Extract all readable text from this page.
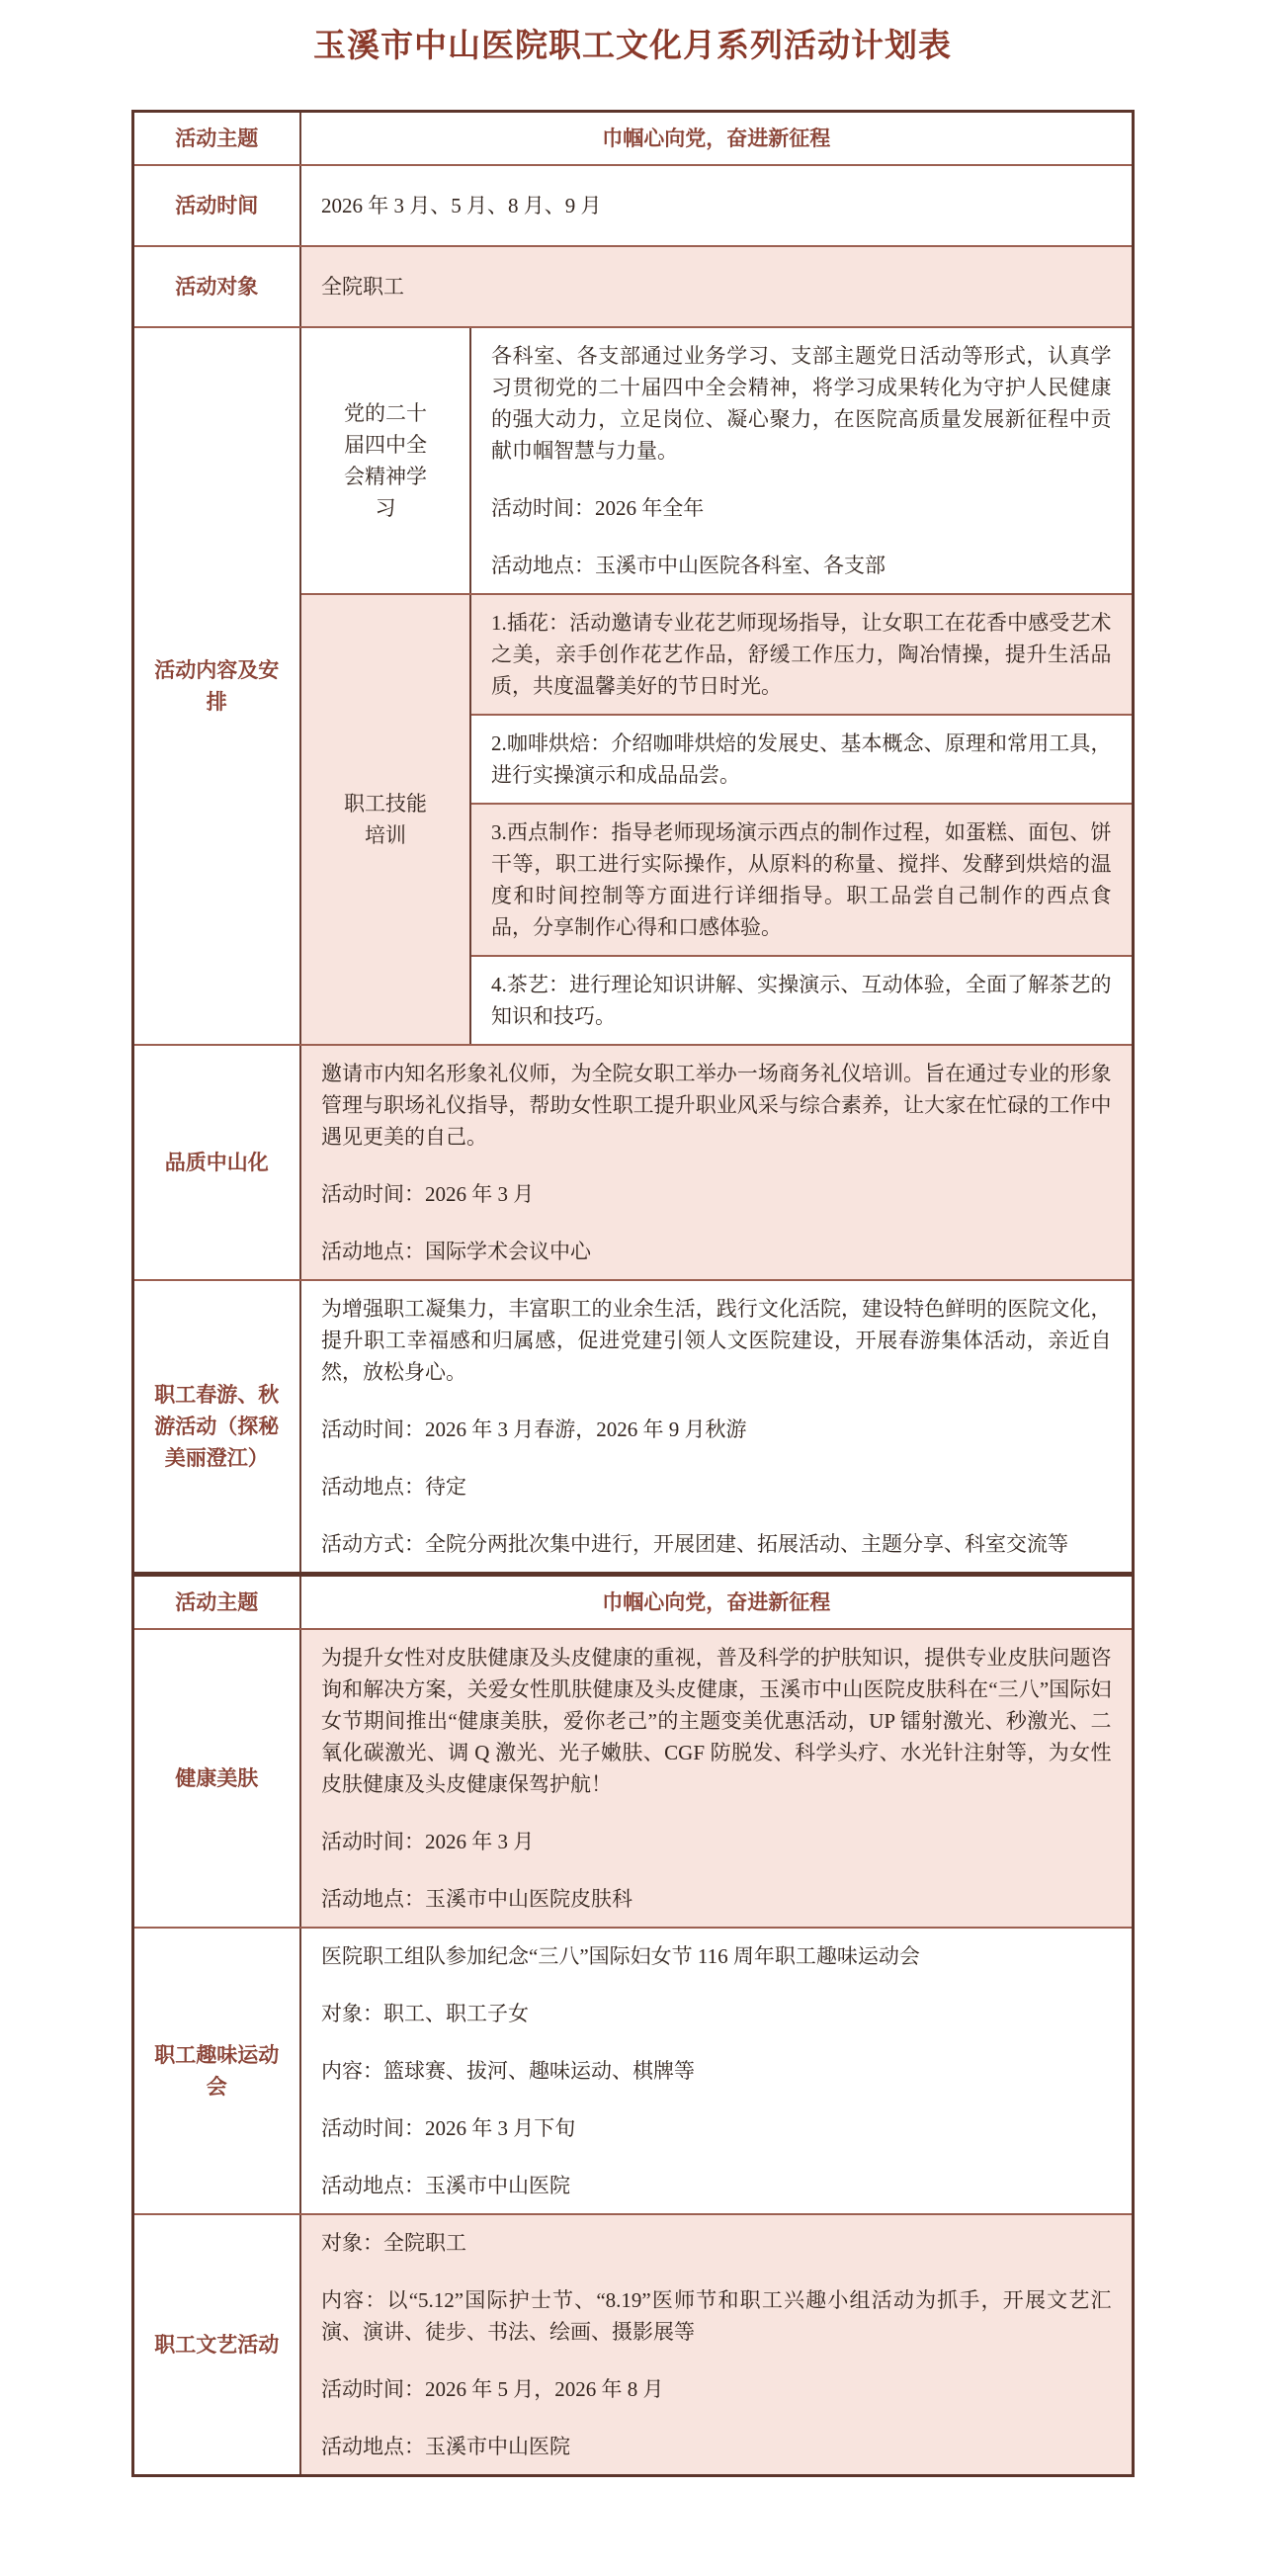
玉溪市中山医院职工文化月系列活动计划表
活动主题	巾帼心向党，奋进新征程	
活动时间	2026 年 3 月、5 月、8 月、9 月	
活动对象	全院职工	
活动内容及安排	党的二十届四中全会精神学习	各科室、各支部通过业务学习、支部主题党日活动等形式，认真学习贯彻党的二十届四中全会精神，将学习成果转化为守护人民健康的强大动力，立足岗位、凝心聚力，在医院高质量发展新征程中贡献巾帼智慧与力量。

活动时间：2026 年全年

活动地点：玉溪市中山医院各科室、各支部

	职工技能培训	1.插花：活动邀请专业花艺师现场指导，让女职工在花香中感受艺术之美，亲手创作花艺作品，舒缓工作压力，陶冶情操，提升生活品质，共度温馨美好的节日时光。

		2.咖啡烘焙：介绍咖啡烘焙的发展史、基本概念、原理和常用工具，进行实操演示和成品品尝。

		3.西点制作：指导老师现场演示西点的制作过程，如蛋糕、面包、饼干等，职工进行实际操作，从原料的称量、搅拌、发酵到烘焙的温度和时间控制等方面进行详细指导。职工品尝自己制作的西点食品，分享制作心得和口感体验。

		4.茶艺：进行理论知识讲解、实操演示、互动体验，全面了解茶艺的知识和技巧。

品质中山化	邀请市内知名形象礼仪师，为全院女职工举办一场商务礼仪培训。旨在通过专业的形象管理与职场礼仪指导，帮助女性职工提升职业风采与综合素养，让大家在忙碌的工作中遇见更美的自己。

活动时间：2026 年 3 月

活动地点：国际学术会议中心	

职工春游、秋游活动（探秘美丽澄江）	为增强职工凝集力，丰富职工的业余生活，践行文化活院，建设特色鲜明的医院文化，提升职工幸福感和归属感，促进党建引领人文医院建设，开展春游集体活动，亲近自然，放松身心。

活动时间：2026 年 3 月春游，2026 年 9 月秋游

活动地点：待定

活动方式：全院分两批次集中进行，开展团建、拓展活动、主题分享、科室交流等	

活动主题	巾帼心向党，奋进新征程	
健康美肤	为提升女性对皮肤健康及头皮健康的重视，普及科学的护肤知识，提供专业皮肤问题咨询和解决方案，关爱女性肌肤健康及头皮健康，玉溪市中山医院皮肤科在“三八”国际妇女节期间推出“健康美肤，爱你老己”的主题变美优惠活动，UP 镭射激光、秒激光、二氧化碳激光、调 Q 激光、光子嫩肤、CGF 防脱发、科学头疗、水光针注射等，为女性皮肤健康及头皮健康保驾护航！

活动时间：2026 年 3 月

活动地点：玉溪市中山医院皮肤科	

职工趣味运动会	医院职工组队参加纪念“三八”国际妇女节 116 周年职工趣味运动会

对象：职工、职工子女

内容：篮球赛、拔河、趣味运动、棋牌等

活动时间：2026 年 3 月下旬

活动地点：玉溪市中山医院	

职工文艺活动	对象：全院职工

内容：以“5.12”国际护士节、“8.19”医师节和职工兴趣小组活动为抓手，开展文艺汇演、演讲、徒步、书法、绘画、摄影展等

活动时间：2026 年 5 月，2026 年 8 月

活动地点：玉溪市中山医院	
